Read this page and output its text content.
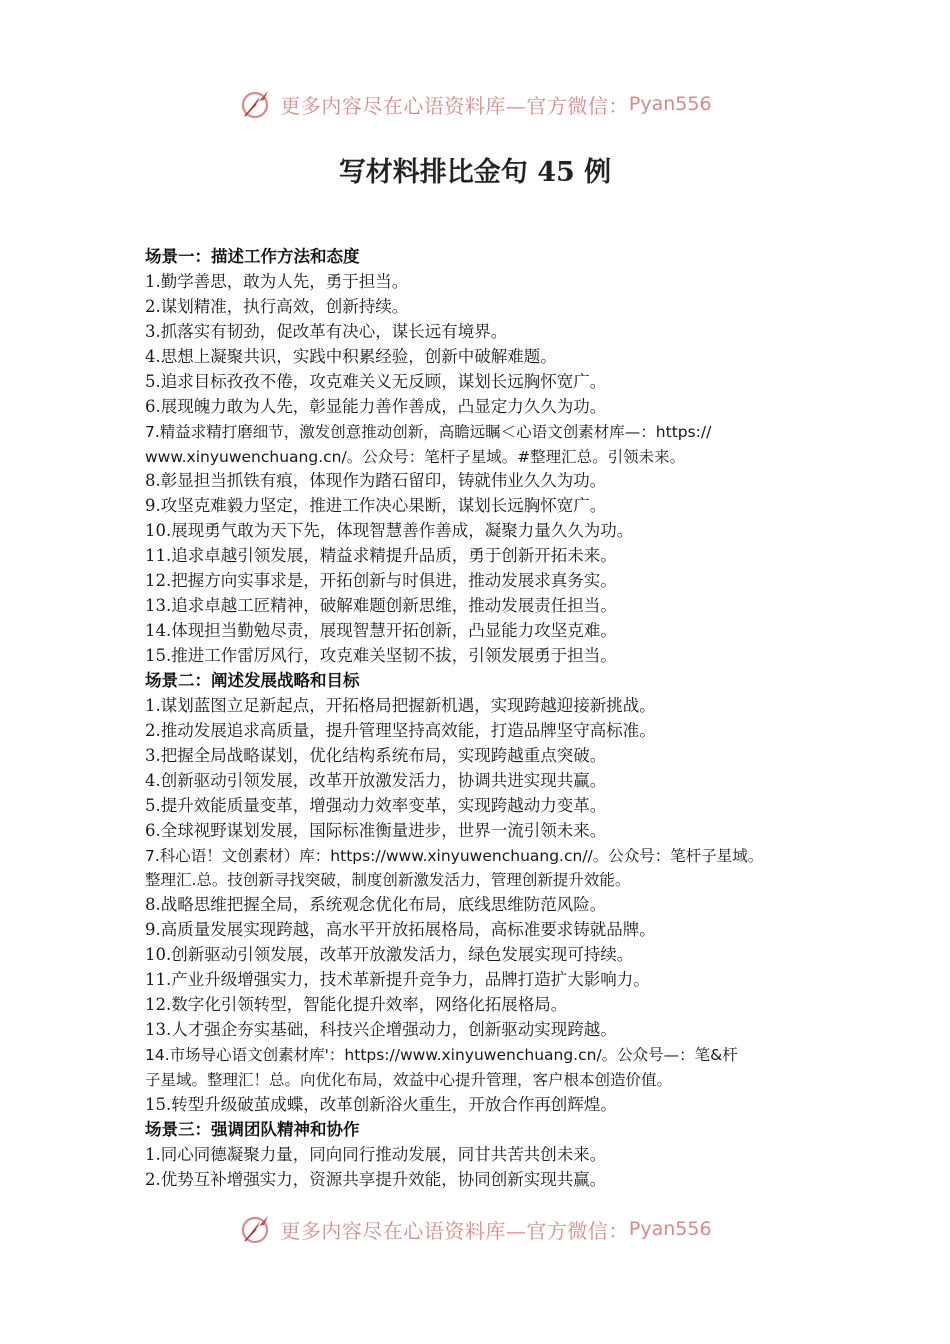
更多内容尽在心语资料库—官方微信： Pyan556
写材料排比金句 45 例
场景一：描述工作方法和态度
1.勤学善思，敢为人先，勇于担当。
2.谋划精准，执行高效，创新持续。
3.抓落实有韧劲，促改革有决心，谋长远有境界。
4.思想上凝聚共识，实践中积累经验，创新中破解难题。
5.追求目标孜孜不倦，攻克难关义无反顾，谋划长远胸怀宽广。
6.展现魄力敢为人先，彰显能力善作善成，凸显定力久久为功。
7.精益求精打磨细节，激发创意推动创新，高瞻远瞩＜心语文创素材库—：https://
www.xinyuwenchuang.cn/。公众号：笔杆子星域。#整理汇总。引领未来。
8.彰显担当抓铁有痕，体现作为踏石留印，铸就伟业久久为功。
9.攻坚克难毅力坚定，推进工作决心果断，谋划长远胸怀宽广。
10.展现勇气敢为天下先，体现智慧善作善成，凝聚力量久久为功。
11.追求卓越引领发展，精益求精提升品质，勇于创新开拓未来。
12.把握方向实事求是，开拓创新与时俱进，推动发展求真务实。
13.追求卓越工匠精神，破解难题创新思维，推动发展责任担当。
14.体现担当勤勉尽责，展现智慧开拓创新，凸显能力攻坚克难。
15.推进工作雷厉风行，攻克难关坚韧不拔，引领发展勇于担当。
场景二：阐述发展战略和目标
1.谋划蓝图立足新起点，开拓格局把握新机遇，实现跨越迎接新挑战。
2.推动发展追求高质量，提升管理坚持高效能，打造品牌坚守高标准。
3.把握全局战略谋划，优化结构系统布局，实现跨越重点突破。
4.创新驱动引领发展，改革开放激发活力，协调共进实现共赢。
5.提升效能质量变革，增强动力效率变革，实现跨越动力变革。
6.全球视野谋划发展，国际标准衡量进步，世界一流引领未来。
7.科心语！文创素材）库：https://www.xinyuwenchuang.cn//。公众号：笔杆子星域。
整理汇.总。技创新寻找突破，制度创新激发活力，管理创新提升效能。
8.战略思维把握全局，系统观念优化布局，底线思维防范风险。
9.高质量发展实现跨越，高水平开放拓展格局，高标准要求铸就品牌。
10.创新驱动引领发展，改革开放激发活力，绿色发展实现可持续。
11.产业升级增强实力，技术革新提升竞争力，品牌打造扩大影响力。
12.数字化引领转型，智能化提升效率，网络化拓展格局。
13.人才强企夯实基础，科技兴企增强动力，创新驱动实现跨越。
14.市场导心语文创素材库'：https://www.xinyuwenchuang.cn/。公众号—：笔&杆
子星域。整理汇！总。向优化布局，效益中心提升管理，客户根本创造价值。
15.转型升级破茧成蝶，改革创新浴火重生，开放合作再创辉煌。
场景三：强调团队精神和协作
1.同心同德凝聚力量，同向同行推动发展，同甘共苦共创未来。
2.优势互补增强实力，资源共享提升效能，协同创新实现共赢。
更多内容尽在心语资料库—官方微信： Pyan556
